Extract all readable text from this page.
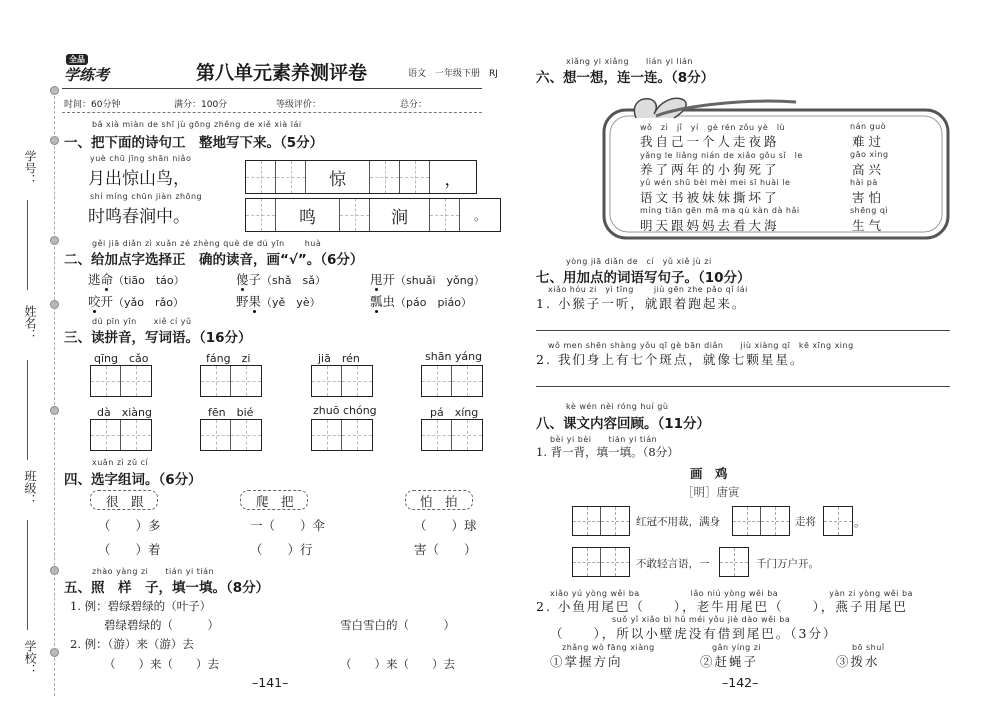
学号：
姓名：
班级：
学校：
全品
学练考	第八单元素养测评卷	语文　一年级下册　RJ
时间：60分钟	满分：100分	等级评价：	总分：
bǎ xià miàn de shī jù gōng zhěng de xiě xià lái
一、把下面的诗句工　整地写下来。（5分）
yuè chū jīng shān niǎo
月出惊山鸟，
shí míng chūn jiàn zhōng
时鸣春涧中。
惊	，
鸣	涧	。
gěi jiā diǎn zì xuǎn zé zhèng què de dú yīn　　 huà
二、给加点字选择正　确的读音，画“√”。（6分）
逃命（tiāo　táo）	傻子（shǎ　sǎ）	甩开（shuǎi　yǒng）
咬开（yǎo　rǎo）	野果（yě　yè）	瓢虫（páo　piáo）
dú pīn yīn　　xiě cí yǔ
三、读拼音，写词语。（16分）
qīng　cǎo	fáng　zi	jiā　rén	shān yáng
dà　xiàng	fēn　bié	zhuō chóng	pá　xíng
xuǎn zì zǔ cí
四、选字组词。（6分）
很　跟
（　　）多
（　　）着
爬　把
一（　　）伞
（　　）行
怕　拍
（　　）球
害（　　）
zhào yàng zi　　tián yi tián
五、照　样　子，填一填。（8分）
1. 例：碧绿碧绿的（叶子）
碧绿碧绿的（　　　）	雪白雪白的（　　　）
2. 例：（游）来（游）去
（　　）来（　　）去	（　　）来（　　）去
–141–
xiǎng yi xiǎng　　lián yi lián
六、想一想，连一连。（8分）
wǒ　zì　jǐ　yí　gè rén zǒu yè　lù
我自己一个人走夜路
nán guò
难过
yǎng le liǎng nián de xiǎo gǒu sǐ　le
养了两年的小狗死了
gāo xìng
高兴
yǔ wén shū bèi mèi mei sī huài le
语文书被妹妹撕坏了
hài pà
害怕
míng tiān gēn mā ma qù kàn dà hǎi
明天跟妈妈去看大海
shēng qì
生气
yòng jiā diǎn de　cí　yǔ xiě jù zi
七、用加点的词语写句子。（10分）
xiǎo hóu zi　yì tīng　　 jiù gēn zhe pǎo qǐ lái
1. 小猴子一听，就跟着跑起来。
wǒ men shēn shàng yǒu qī gè bān diǎn　　jiù xiàng qī　kē xīng xing
2. 我们身上有七个斑点，就像七颗星星。
kè wén nèi róng huí gù
八、课文内容回顾。（11分）
bèi yi bèi　　tián yi tián
1. 背一背，填一填。（8分）
画　鸡
［明］唐寅
红冠不用裁，满身	走将	。
不敢轻言语，一	千门万户开。
xiǎo yú yòng wěi ba　　　　　　lǎo niú yòng wěi ba　　　　　　yàn zi yòng wěi ba
2. 小鱼用尾巴（　　），老牛用尾巴（　　），燕子用尾巴
suǒ yǐ xiǎo bì hǔ méi yǒu jiè dào wěi ba
（　　），所以小壁虎没有借到尾巴。（3分）
zhǎng wò fāng xiàng	gǎn yíng zi	bō shuǐ
①掌握方向	②赶蝇子	③拨水
–142–
